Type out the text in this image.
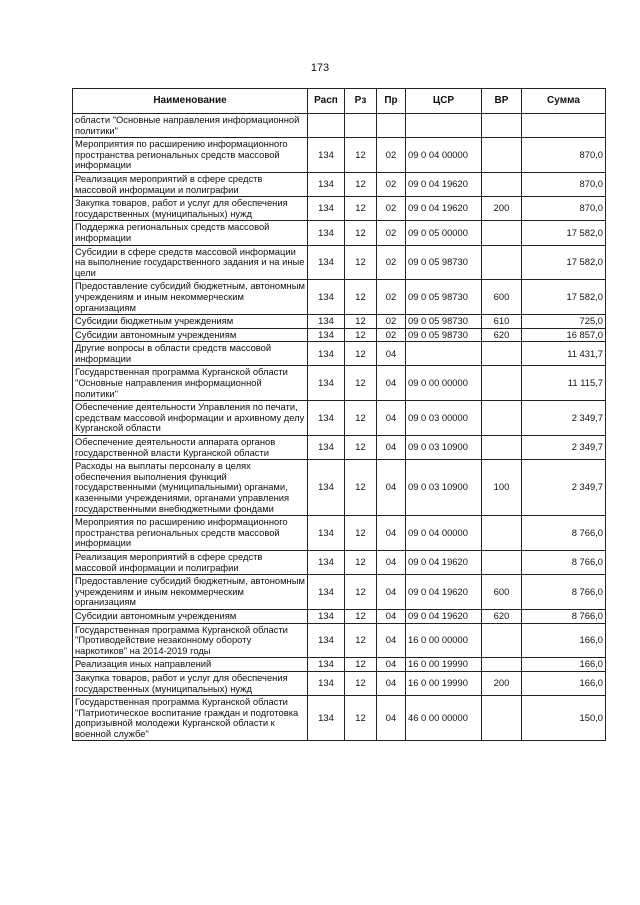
173
Наименование	Расп	Рз	Пр	ЦСР	ВР	Сумма
области "Основные направления информационной политики"						
Мероприятия по расширению информационного пространства региональных средств массовой информации	134	12	02	09 0 04 00000		870,0
Реализация мероприятий в сфере средств массовой информации и полиграфии	134	12	02	09 0 04 19620		870,0
Закупка товаров, работ и услуг для обеспечения государственных (муниципальных) нужд	134	12	02	09 0 04 19620	200	870,0
Поддержка региональных средств массовой информации	134	12	02	09 0 05 00000		17 582,0
Субсидии в сфере средств массовой информации на выполнение государственного задания и на иные цели	134	12	02	09 0 05 98730		17 582,0
Предоставление субсидий бюджетным, автономным учреждениям и иным некоммерческим организациям	134	12	02	09 0 05 98730	600	17 582,0
Субсидии бюджетным учреждениям	134	12	02	09 0 05 98730	610	725,0
Субсидии автономным учреждениям	134	12	02	09 0 05 98730	620	16 857,0
Другие вопросы в области средств массовой информации	134	12	04			11 431,7
Государственная программа Курганской области "Основные направления информационной политики"	134	12	04	09 0 00 00000		11 115,7
Обеспечение деятельности Управления по печати, средствам массовой информации и архивному делу Курганской области	134	12	04	09 0 03 00000		2 349,7
Обеспечение деятельности аппарата органов государственной власти Курганской области	134	12	04	09 0 03 10900		2 349,7
Расходы на выплаты персоналу в целях обеспечения выполнения функций государственными (муниципальными) органами, казенными учреждениями, органами управления государственными внебюджетными фондами	134	12	04	09 0 03 10900	100	2 349,7
Мероприятия по расширению информационного пространства региональных средств массовой информации	134	12	04	09 0 04 00000		8 766,0
Реализация мероприятий в сфере средств массовой информации и полиграфии	134	12	04	09 0 04 19620		8 766,0
Предоставление субсидий бюджетным, автономным учреждениям и иным некоммерческим организациям	134	12	04	09 0 04 19620	600	8 766,0
Субсидии автономным учреждениям	134	12	04	09 0 04 19620	620	8 766,0
Государственная программа Курганской области "Противодействие незаконному обороту наркотиков" на 2014-2019 годы	134	12	04	16 0 00 00000		166,0
Реализация иных направлений	134	12	04	16 0 00 19990		166,0
Закупка товаров, работ и услуг для обеспечения государственных (муниципальных) нужд	134	12	04	16 0 00 19990	200	166,0
Государственная программа Курганской области "Патриотическое воспитание граждан и подготовка допризывной молодежи Курганской области к военной службе"	134	12	04	46 0 00 00000		150,0
